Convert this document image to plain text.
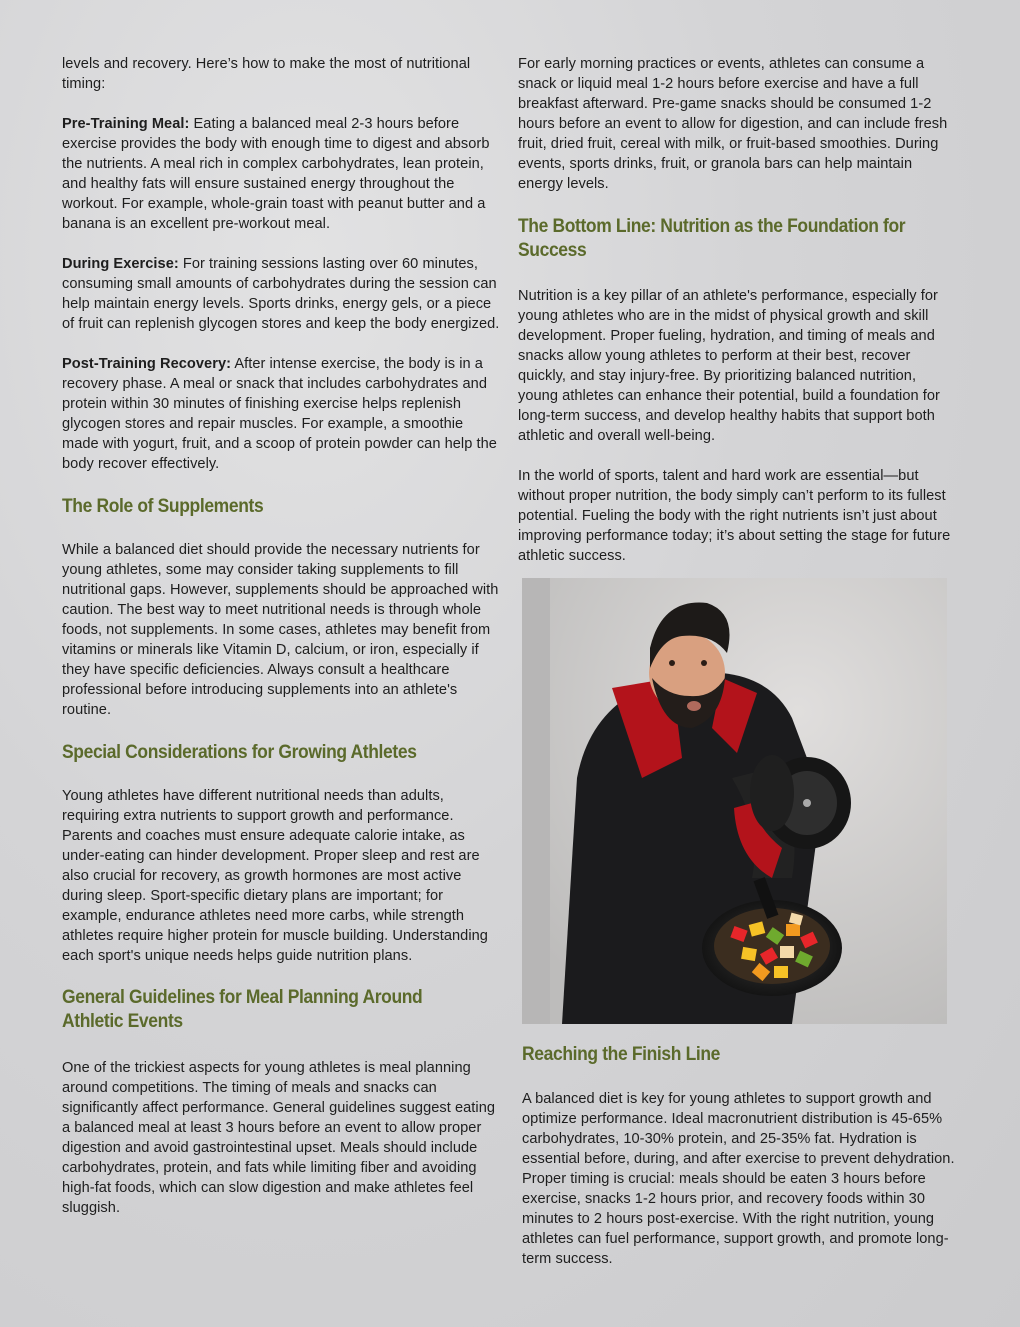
levels and recovery. Here’s how to make the most of nutritional timing:

Pre-Training Meal: Eating a balanced meal 2-3 hours before exercise provides the body with enough time to digest and absorb the nutrients. A meal rich in complex carbohydrates, lean protein, and healthy fats will ensure sustained energy throughout the workout. For example, whole-grain toast with peanut butter and a banana is an excellent pre-workout meal.

During Exercise: For training sessions lasting over 60 minutes, consuming small amounts of carbohydrates during the session can help maintain energy levels. Sports drinks, energy gels, or a piece of fruit can replenish glycogen stores and keep the body energized.

Post-Training Recovery: After intense exercise, the body is in a recovery phase. A meal or snack that includes carbohydrates and protein within 30 minutes of finishing exercise helps replenish glycogen stores and repair muscles. For example, a smoothie made with yogurt, fruit, and a scoop of protein powder can help the body recover effectively.

The Role of Supplements

While a balanced diet should provide the necessary nutrients for young athletes, some may consider taking supplements to fill nutritional gaps. However, supplements should be approached with caution. The best way to meet nutritional needs is through whole foods, not supplements. In some cases, athletes may benefit from vitamins or minerals like Vitamin D, calcium, or iron, especially if they have specific deficiencies. Always consult a healthcare professional before introducing supplements into an athlete's routine.

Special Considerations for Growing Athletes

Young athletes have different nutritional needs than adults, requiring extra nutrients to support growth and performance. Parents and coaches must ensure adequate calorie intake, as under-eating can hinder development. Proper sleep and rest are also crucial for recovery, as growth hormones are most active during sleep. Sport-specific dietary plans are important; for example, endurance athletes need more carbs, while strength athletes require higher protein for muscle building. Understanding each sport's unique needs helps guide nutrition plans.

General Guidelines for Meal Planning Around Athletic Events

One of the trickiest aspects for young athletes is meal planning around competitions. The timing of meals and snacks can significantly affect performance. General guidelines suggest eating a balanced meal at least 3 hours before an event to allow proper digestion and avoid gastrointestinal upset. Meals should include carbohydrates, protein, and fats while limiting fiber and avoiding high-fat foods, which can slow digestion and make athletes feel sluggish.

For early morning practices or events, athletes can consume a snack or liquid meal 1-2 hours before exercise and have a full breakfast afterward. Pre-game snacks should be consumed 1-2 hours before an event to allow for digestion, and can include fresh fruit, dried fruit, cereal with milk, or fruit-based smoothies. During events, sports drinks, fruit, or granola bars can help maintain energy levels.

The Bottom Line: Nutrition as the Foundation for Success

Nutrition is a key pillar of an athlete's performance, especially for young athletes who are in the midst of physical growth and skill development. Proper fueling, hydration, and timing of meals and snacks allow young athletes to perform at their best, recover quickly, and stay injury-free. By prioritizing balanced nutrition, young athletes can enhance their potential, build a foundation for long-term success, and develop healthy habits that support both athletic and overall well-being.

In the world of sports, talent and hard work are essential—but without proper nutrition, the body simply can’t perform to its fullest potential. Fueling the body with the right nutrients isn’t just about improving performance today; it’s about setting the stage for future athletic success.

Reaching the Finish Line

A balanced diet is key for young athletes to support growth and optimize performance. Ideal macronutrient distribution is 45-65% carbohydrates, 10-30% protein, and 25-35% fat. Hydration is essential before, during, and after exercise to prevent dehydration. Proper timing is crucial: meals should be eaten 3 hours before exercise, snacks 1-2 hours prior, and recovery foods within 30 minutes to 2 hours post-exercise. With the right nutrition, young athletes can fuel performance, support growth, and promote long-term success.
